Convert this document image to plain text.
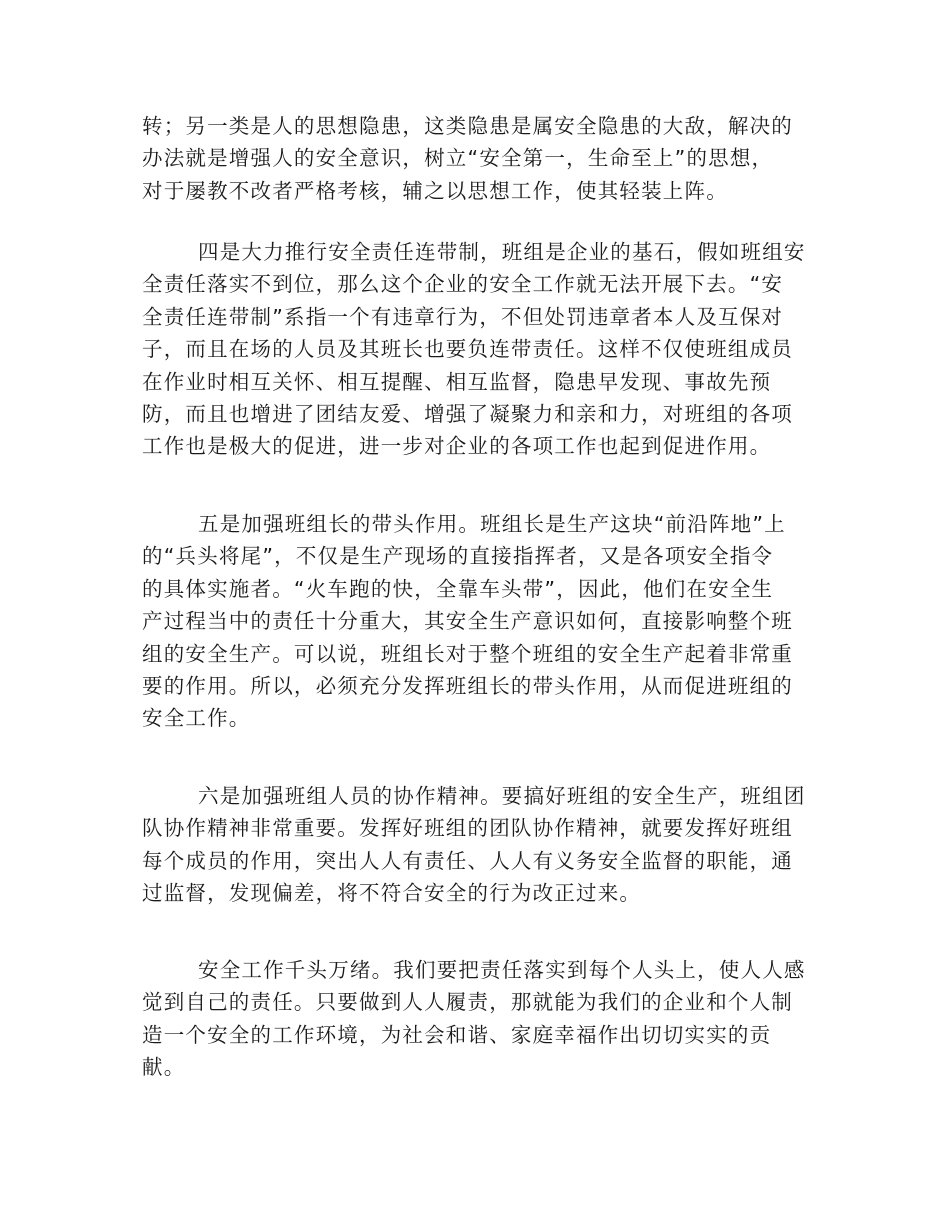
转；另一类是人的思想隐患，这类隐患是属安全隐患的大敌，解决的
办法就是增强人的安全意识，树立“安全第一，生命至上”的思想，
对于屡教不改者严格考核，辅之以思想工作，使其轻装上阵。
四是大力推行安全责任连带制，班组是企业的基石，假如班组安
全责任落实不到位，那么这个企业的安全工作就无法开展下去。“安
全责任连带制”系指一个有违章行为，不但处罚违章者本人及互保对
子，而且在场的人员及其班长也要负连带责任。这样不仅使班组成员
在作业时相互关怀、相互提醒、相互监督，隐患早发现、事故先预
防，而且也增进了团结友爱、增强了凝聚力和亲和力，对班组的各项
工作也是极大的促进，进一步对企业的各项工作也起到促进作用。
五是加强班组长的带头作用。班组长是生产这块“前沿阵地”上
的“兵头将尾”，不仅是生产现场的直接指挥者，又是各项安全指令
的具体实施者。“火车跑的快，全靠车头带”，因此，他们在安全生
产过程当中的责任十分重大，其安全生产意识如何，直接影响整个班
组的安全生产。可以说，班组长对于整个班组的安全生产起着非常重
要的作用。所以，必须充分发挥班组长的带头作用，从而促进班组的
安全工作。
六是加强班组人员的协作精神。要搞好班组的安全生产，班组团
队协作精神非常重要。发挥好班组的团队协作精神，就要发挥好班组
每个成员的作用，突出人人有责任、人人有义务安全监督的职能，通
过监督，发现偏差，将不符合安全的行为改正过来。
安全工作千头万绪。我们要把责任落实到每个人头上，使人人感
觉到自己的责任。只要做到人人履责，那就能为我们的企业和个人制
造一个安全的工作环境，为社会和谐、家庭幸福作出切切实实的贡
献。
